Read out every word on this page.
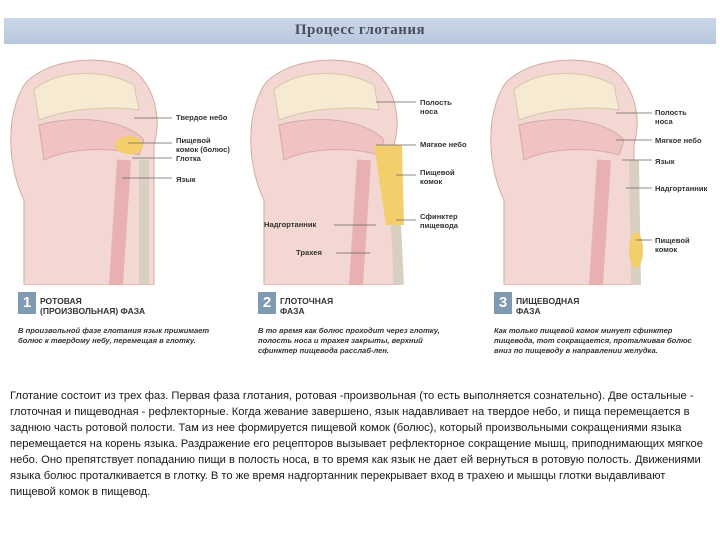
Процесс глотания
Твердое небо
Пищевой
комок (болюс)
Глотка
Язык
Полость
носа
Мягкое небо
Пищевой
комок
Сфинктер
пищевода
Надгортанник
Трахея
Полость
носа
Мягкое небо
Язык
Надгортанник
Пищевой
комок
1	РОТОВАЯ
(ПРОИЗВОЛЬНАЯ) ФАЗА
В произвольной фазе глотания язык прижимает болюс к твердому небу, перемещая в глотку.
2	ГЛОТОЧНАЯ
ФАЗА
В то время как болюс проходит через глотку, полость носа и трахея закрыты, верхний сфинктер пищевода расслаб-лен.
3	ПИЩЕВОДНАЯ
ФАЗА
Как только пищевой комок минует сфинктер пищевода, тот сокращается, проталкивая болюс вниз по пищеводу в направлении желудка.
Глотание состоит из трех фаз. Первая фаза глотания, ротовая -произвольная (то есть выполняется сознательно). Две остальные - глоточная и пищеводная - рефлекторные. Когда жевание завершено, язык надавливает на твердое небо, и пища перемещается в заднюю часть ротовой полости. Там из нее формируется пищевой комок (болюс), который произвольными сокращениями языка перемещается на корень языка. Раздражение его рецепторов вызывает рефлекторное сокращение мышц, приподнимающих мягкое небо. Оно препятствует попаданию пищи в полость носа, в то время как язык не дает ей вернуться в ротовую полость. Движениями языка болюс проталкивается в глотку. В то же время надгортанник перекрывает вход в трахею и мышцы глотки выдавливают пищевой комок в пищевод.
